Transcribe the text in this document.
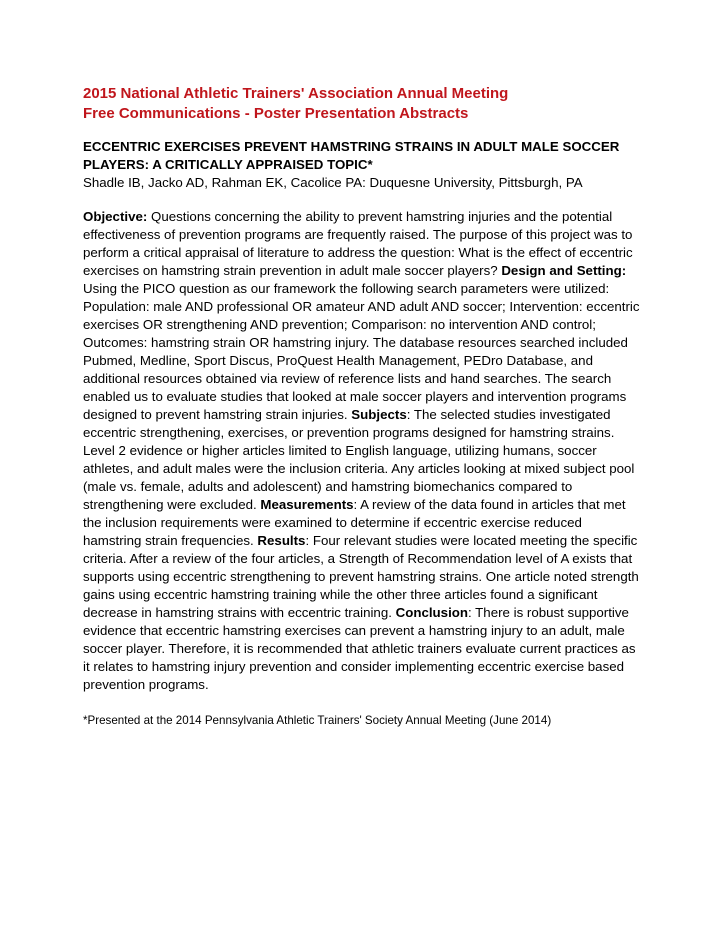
2015 National Athletic Trainers' Association Annual Meeting
Free Communications - Poster Presentation Abstracts
ECCENTRIC EXERCISES PREVENT HAMSTRING STRAINS IN ADULT MALE SOCCER PLAYERS: A CRITICALLY APPRAISED TOPIC*
Shadle IB, Jacko AD, Rahman EK, Cacolice PA: Duquesne University, Pittsburgh, PA
Objective: Questions concerning the ability to prevent hamstring injuries and the potential effectiveness of prevention programs are frequently raised. The purpose of this project was to perform a critical appraisal of literature to address the question: What is the effect of eccentric exercises on hamstring strain prevention in adult male soccer players? Design and Setting: Using the PICO question as our framework the following search parameters were utilized: Population: male AND professional OR amateur AND adult AND soccer; Intervention: eccentric exercises OR strengthening AND prevention; Comparison: no intervention AND control; Outcomes: hamstring strain OR hamstring injury. The database resources searched included Pubmed, Medline, Sport Discus, ProQuest Health Management, PEDro Database, and additional resources obtained via review of reference lists and hand searches. The search enabled us to evaluate studies that looked at male soccer players and intervention programs designed to prevent hamstring strain injuries. Subjects: The selected studies investigated eccentric strengthening, exercises, or prevention programs designed for hamstring strains. Level 2 evidence or higher articles limited to English language, utilizing humans, soccer athletes, and adult males were the inclusion criteria. Any articles looking at mixed subject pool (male vs. female, adults and adolescent) and hamstring biomechanics compared to strengthening were excluded. Measurements: A review of the data found in articles that met the inclusion requirements were examined to determine if eccentric exercise reduced hamstring strain frequencies. Results: Four relevant studies were located meeting the specific criteria. After a review of the four articles, a Strength of Recommendation level of A exists that supports using eccentric strengthening to prevent hamstring strains. One article noted strength gains using eccentric hamstring training while the other three articles found a significant decrease in hamstring strains with eccentric training. Conclusion: There is robust supportive evidence that eccentric hamstring exercises can prevent a hamstring injury to an adult, male soccer player. Therefore, it is recommended that athletic trainers evaluate current practices as it relates to hamstring injury prevention and consider implementing eccentric exercise based prevention programs.
*Presented at the 2014 Pennsylvania Athletic Trainers' Society Annual Meeting (June 2014)
